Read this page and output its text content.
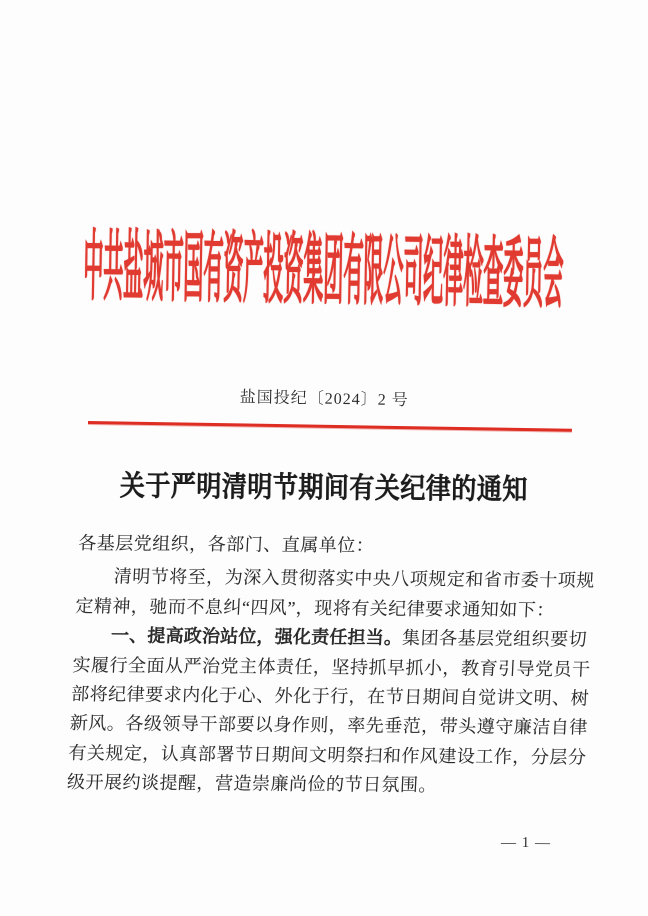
中共盐城市国有资产投资集团有限公司纪律检查委员会
盐国投纪〔2024〕2 号
关于严明清明节期间有关纪律的通知
各基层党组织，各部门、直属单位：
清明节将至，为深入贯彻落实中央八项规定和省市委十项规
定精神，驰而不息纠“四风”，现将有关纪律要求通知如下：
一、提高政治站位，强化责任担当。集团各基层党组织要切
实履行全面从严治党主体责任，坚持抓早抓小，教育引导党员干
部将纪律要求内化于心、外化于行，在节日期间自觉讲文明、树
新风。各级领导干部要以身作则，率先垂范，带头遵守廉洁自律
有关规定，认真部署节日期间文明祭扫和作风建设工作，分层分
级开展约谈提醒，营造崇廉尚俭的节日氛围。
— 1 —
